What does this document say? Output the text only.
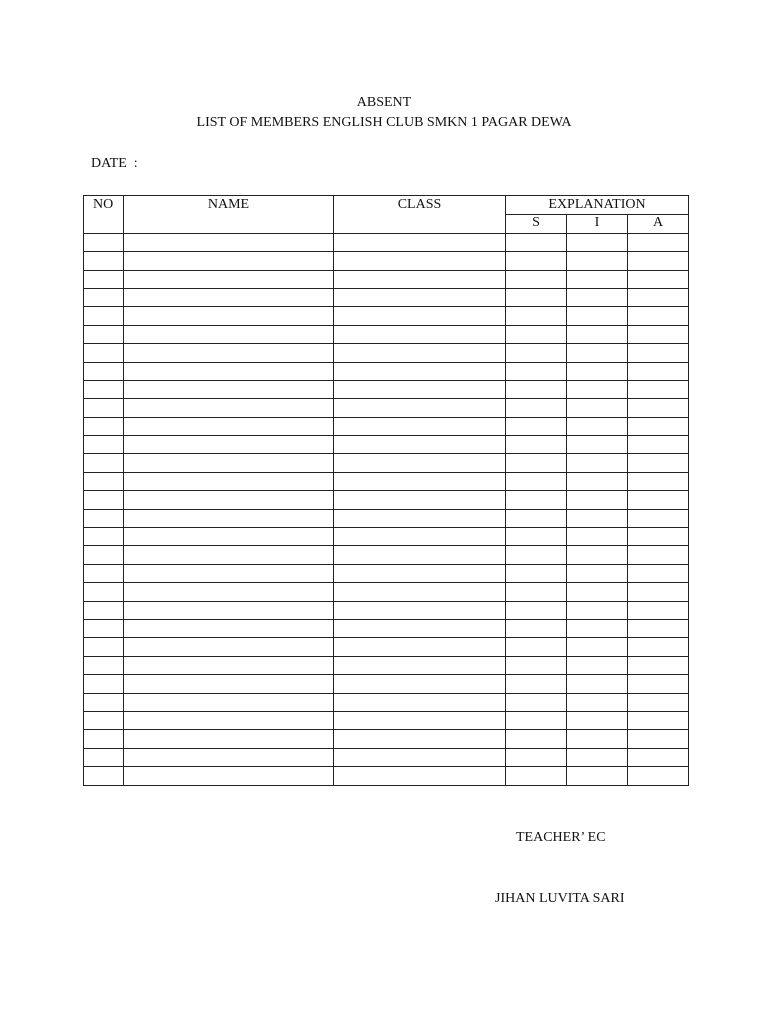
ABSENT
LIST OF MEMBERS ENGLISH CLUB SMKN 1 PAGAR DEWA
DATE  :
NO	NAME	CLASS	EXPLANATION		
			S	I	A

TEACHER’ EC
JIHAN LUVITA SARI
